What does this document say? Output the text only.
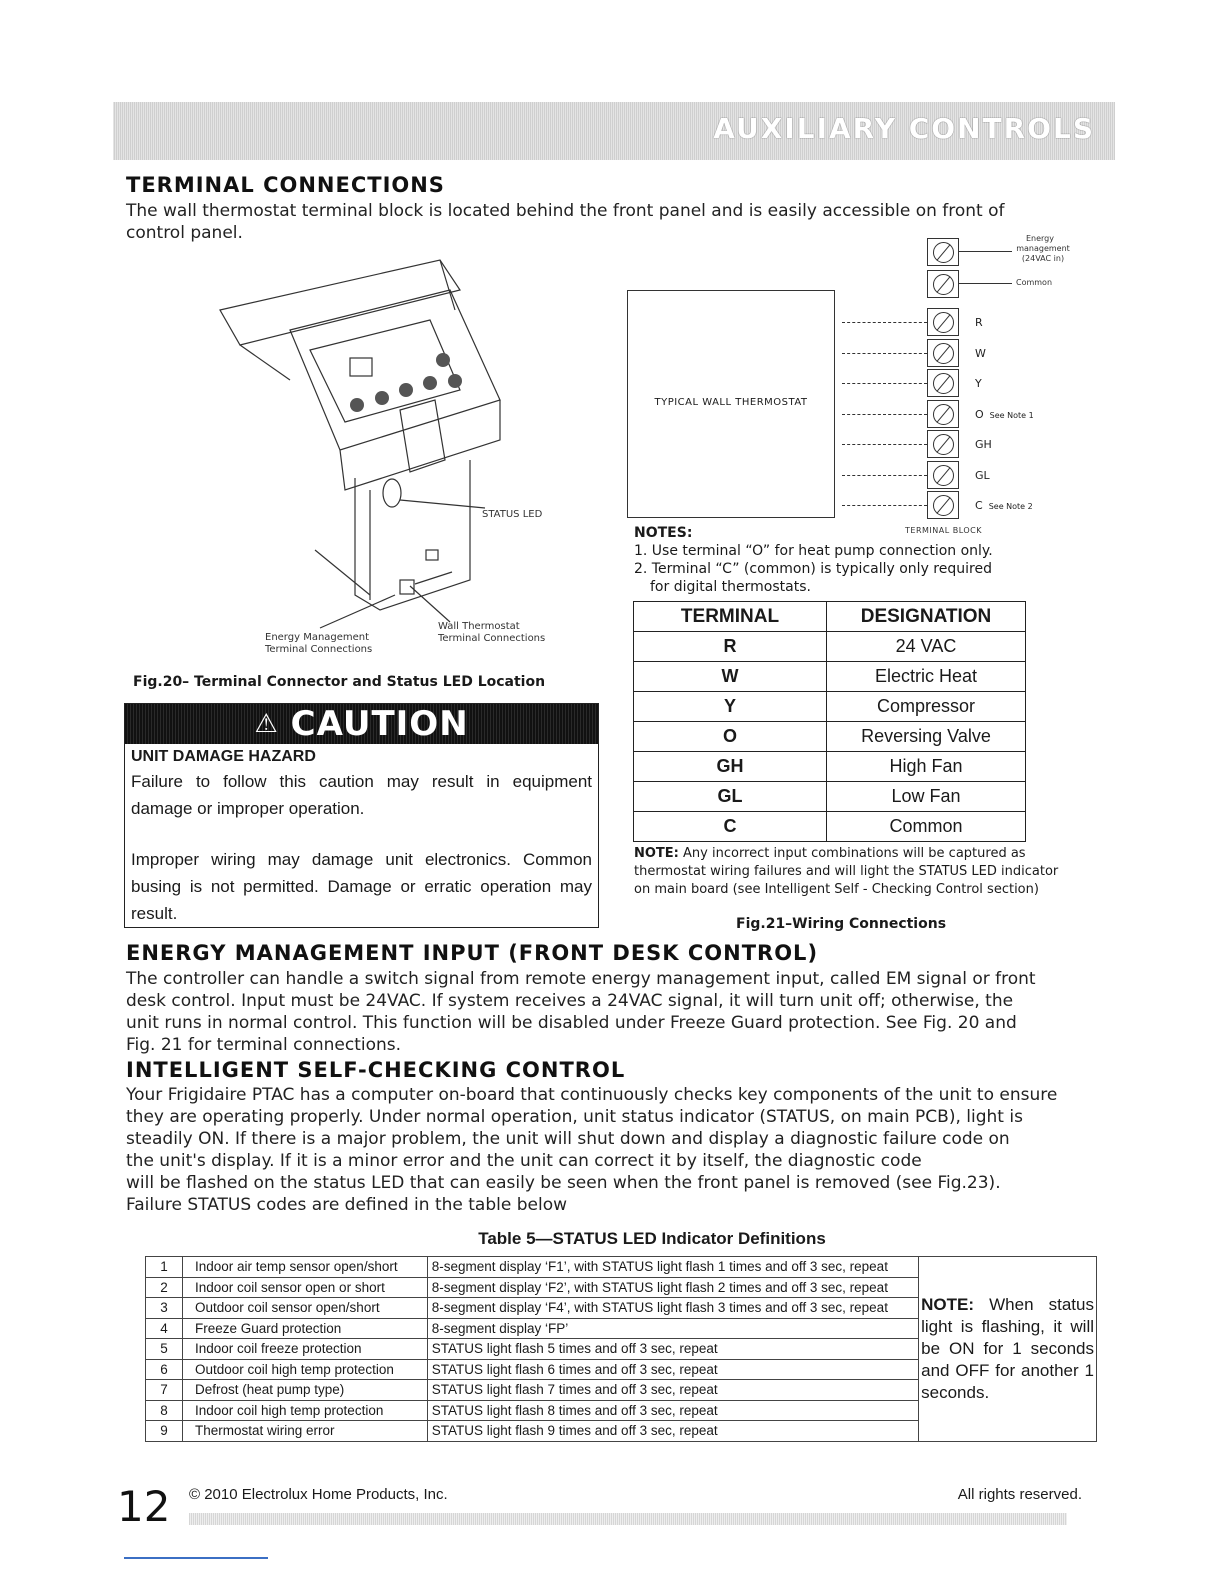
AUXILIARY CONTROLS
TERMINAL CONNECTIONS
The wall thermostat terminal block is located behind the front panel and is easily accessible on front of
control panel.
STATUS LED
Energy Management
Terminal Connections
Wall Thermostat
Terminal Connections
Fig.20– Terminal Connector and Status LED Location
⚠ CAUTION
UNIT DAMAGE HAZARD
Failure to follow this caution may result in equipment damage or improper operation.
Improper wiring may damage unit electronics. Common busing is not permitted. Damage or erratic operation may result.
TYPICAL WALL THERMOSTAT
Energy
management
(24VAC in)
Common
R
W
Y
O See Note 1
GH
GL
C See Note 2
TERMINAL BLOCK
NOTES:
1. Use terminal “O” for heat pump connection only.
2. Terminal “C” (common) is typically only required
for digital thermostats.
TERMINAL	DESIGNATION
R	24 VAC
W	Electric Heat
Y	Compressor
O	Reversing Valve
GH	High Fan
GL	Low Fan
C	Common
NOTE: Any incorrect input combinations will be captured as thermostat wiring failures and will light the STATUS LED indicator on main board (see Intelligent Self - Checking Control section)
Fig.21–Wiring Connections
ENERGY MANAGEMENT INPUT (FRONT DESK CONTROL)
The controller can handle a switch signal from remote energy management input, called EM signal or front
desk control. Input must be 24VAC. If system receives a 24VAC signal, it will turn unit off; otherwise, the
unit runs in normal control. This function will be disabled under Freeze Guard protection. See Fig. 20 and
Fig. 21 for terminal connections.
INTELLIGENT SELF-CHECKING CONTROL
Your Frigidaire PTAC has a computer on-board that continuously checks key components of the unit to ensure
they are operating properly. Under normal operation, unit status indicator (STATUS, on main PCB), light is
steadily ON. If there is a major problem, the unit will shut down and display a diagnostic failure code on
the unit's display. If it is a minor error and the unit can correct it by itself, the diagnostic code
will be flashed on the status LED that can easily be seen when the front panel is removed (see Fig.23).
Failure STATUS codes are defined in the table below
Table 5—STATUS LED Indicator Definitions
1	Indoor air temp sensor open/short	8-segment display ‘F1’, with STATUS light flash 1 times and off 3 sec, repeat	NOTE: When status light is flashing, it will be ON for 1 seconds and OFF for another 1 seconds.
2	Indoor coil sensor open or short	8-segment display ‘F2’, with STATUS light flash 2 times and off 3 sec, repeat	
3	Outdoor coil sensor open/short	8-segment display ‘F4’, with STATUS light flash 3 times and off 3 sec, repeat	
4	Freeze Guard protection	8-segment display ‘FP’	
5	Indoor coil freeze protection	STATUS light flash 5 times and off 3 sec, repeat	
6	Outdoor coil high temp protection	STATUS light flash 6 times and off 3 sec, repeat	
7	Defrost (heat pump type)	STATUS light flash 7 times and off 3 sec, repeat	
8	Indoor coil high temp protection	STATUS light flash 8 times and off 3 sec, repeat	
9	Thermostat wiring error	STATUS light flash 9 times and off 3 sec, repeat	
12 © 2010 Electrolux Home Products, Inc.	All rights reserved.
